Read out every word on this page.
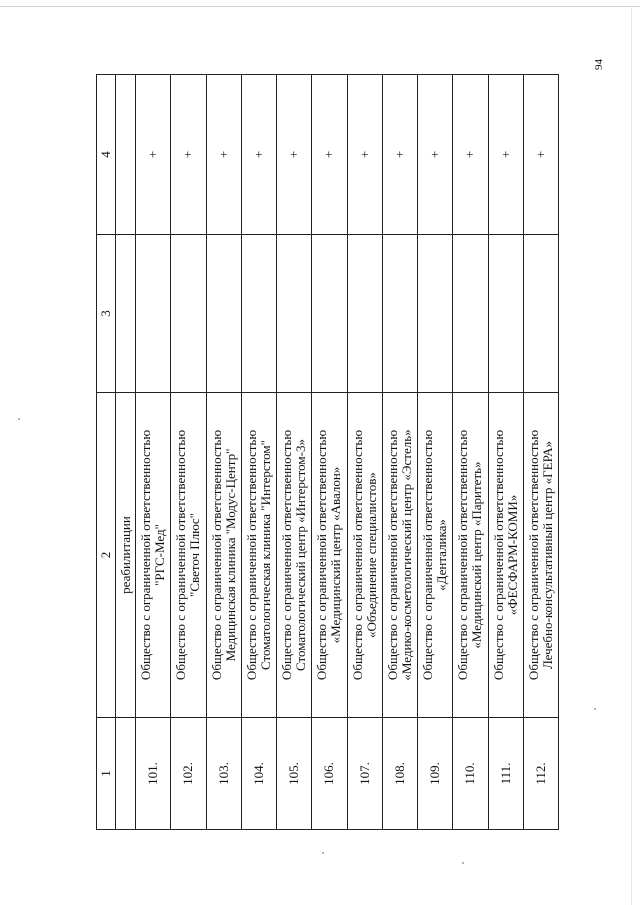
94
1	2	3	4
	реабилитации		
101.	Общество с ограниченной ответственностью "РГС-Мед"		+
102.	Общество с ограниченной ответственностью "Светоч Плюс"		+
103.	Общество с ограниченной ответственностью Медицинская клиника "Модус-Центр"		+
104.	Общество с ограниченной ответственностью Стоматологическая клиника "Интерстом"		+
105.	Общество с ограниченной ответственностью Стоматологический центр «Интерстом-3»		+
106.	Общество с ограниченной ответственностью «Медицинский центр «Авалон»		+
107.	Общество с ограниченной ответственностью «Объединение специалистов»		+
108.	Общество с ограниченной ответственностью «Медико-косметологический центр «Эстель»		+
109.	Общество с ограниченной ответственностью «Денталика»		+
110.	Общество с ограниченной ответственностью «Медицинский центр «Паритеть»		+
111.	Общество с ограниченной ответственностью «ФЕСФАРМ-КОМИ»		+
112.	Общество с ограниченной ответственностью Лечебно-консультативный центр «ГЕРА»		+
